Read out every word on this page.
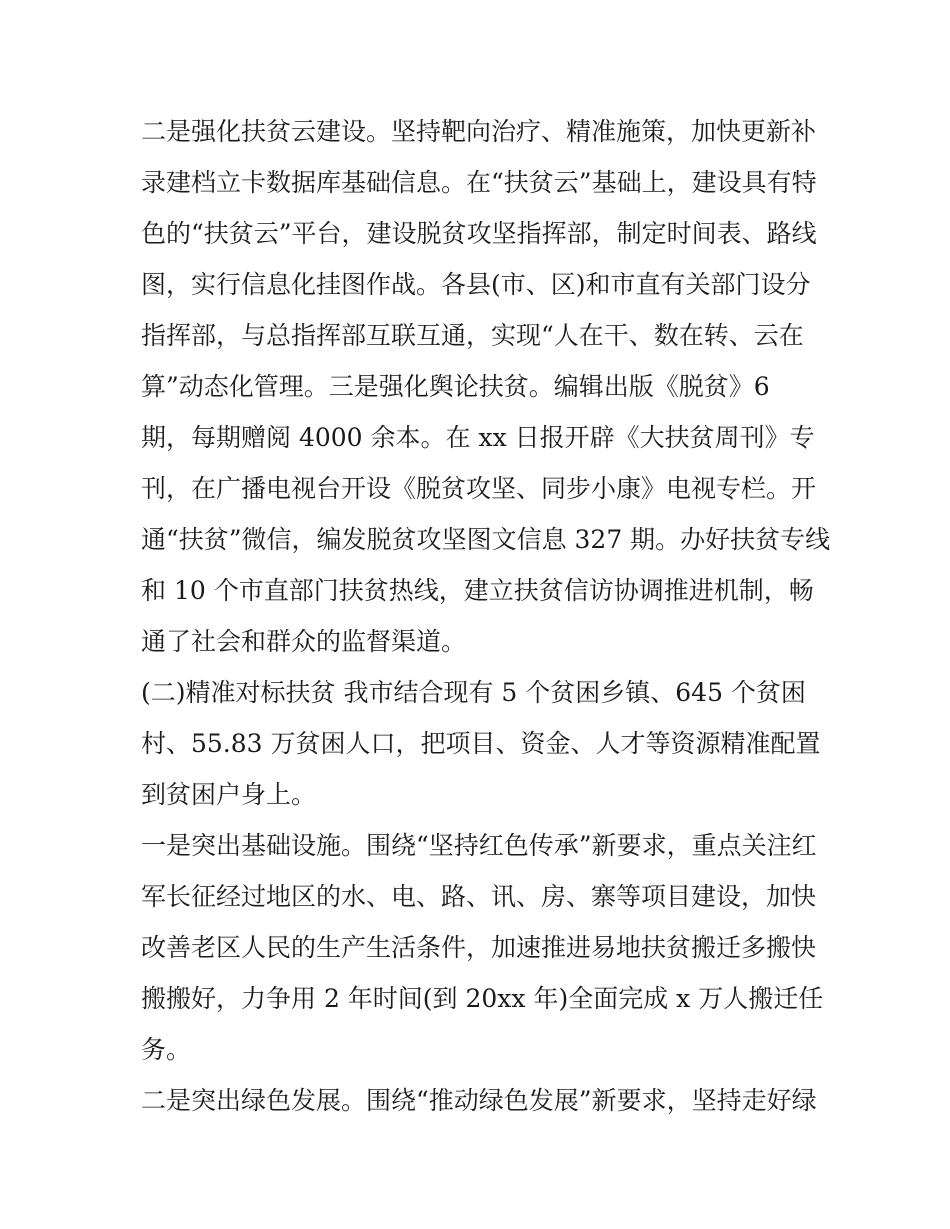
二是强化扶贫云建设。坚持靶向治疗、精准施策，加快更新补
录建档立卡数据库基础信息。在“扶贫云”基础上，建设具有特
色的“扶贫云”平台，建设脱贫攻坚指挥部，制定时间表、路线
图，实行信息化挂图作战。各县(市、区)和市直有关部门设分
指挥部，与总指挥部互联互通，实现“人在干、数在转、云在
算”动态化管理。三是强化舆论扶贫。编辑出版《脱贫》6
期，每期赠阅 4000 余本。在 xx 日报开辟《大扶贫周刊》专
刊，在广播电视台开设《脱贫攻坚、同步小康》电视专栏。开
通“扶贫”微信，编发脱贫攻坚图文信息 327 期。办好扶贫专线
和 10 个市直部门扶贫热线，建立扶贫信访协调推进机制，畅
通了社会和群众的监督渠道。
(二)精准对标扶贫 我市结合现有 5 个贫困乡镇、645 个贫困
村、55.83 万贫困人口，把项目、资金、人才等资源精准配置
到贫困户身上。
一是突出基础设施。围绕“坚持红色传承”新要求，重点关注红
军长征经过地区的水、电、路、讯、房、寨等项目建设，加快
改善老区人民的生产生活条件，加速推进易地扶贫搬迁多搬快
搬搬好，力争用 2 年时间(到 20xx 年)全面完成 x 万人搬迁任
务。
二是突出绿色发展。围绕“推动绿色发展”新要求，坚持走好绿
